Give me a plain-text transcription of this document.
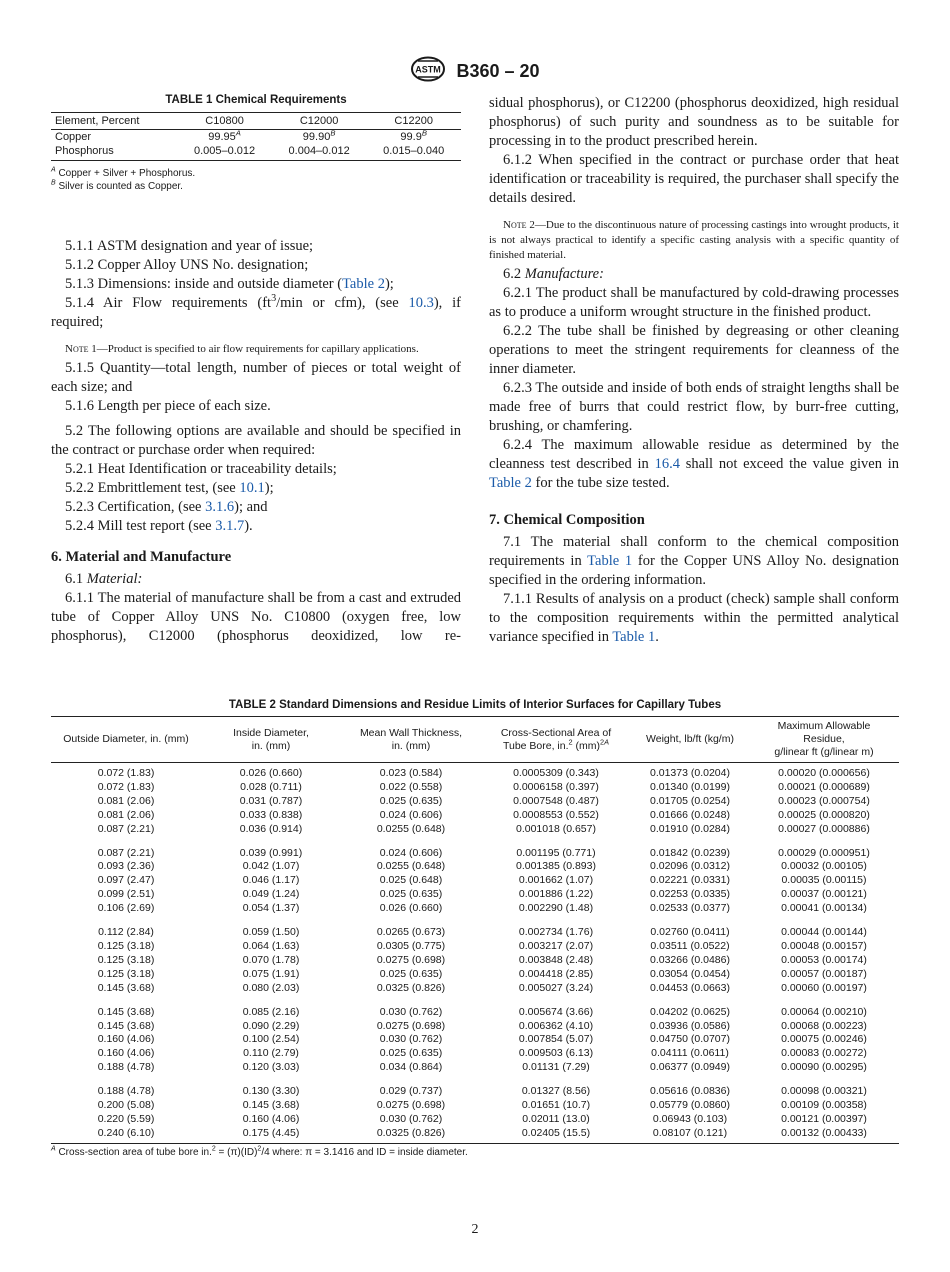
ASTM B360 – 20

TABLE 1 Chemical Requirements

Element, Percent	C10800	C12000	C12200
Copper	$99.95^A$	$99.90^B$	$99.9^B$
Phosphorus	0.005–0.012	0.004–0.012	0.015–0.040

$^A$ Copper + Silver + Phosphorus.

$^B$ Silver is counted as Copper.

5.1.1 ASTM designation and year of issue;

5.1.2 Copper Alloy UNS No. designation;

5.1.3 Dimensions: inside and outside diameter (Table 2);

5.1.4 Air Flow requirements ($ft^3/\min$ or cfm), (see 10.3), if required;

Note 1—Product is specified to air flow requirements for capillary applications.

5.1.5 Quantity—total length, number of pieces or total weight of each size; and

5.1.6 Length per piece of each size.

5.2 The following options are available and should be specified in the contract or purchase order when required:

5.2.1 Heat Identification or traceability details;

5.2.2 Embrittlement test, (see 10.1);

5.2.3 Certification, (see 3.1.6); and

5.2.4 Mill test report (see 3.1.7).

6. Material and Manufacture

6.1 Material:

6.1.1 The material of manufacture shall be from a cast and extruded tube of Copper Alloy UNS No. C10800 (oxygen free, low phosphorus), C12000 (phosphorus deoxidized, low re-

sidual phosphorus), or C12200 (phosphorus deoxidized, high residual phosphorus) of such purity and soundness as to be suitable for processing in to the product prescribed herein.

6.1.2 When specified in the contract or purchase order that heat identification or traceability is required, the purchaser shall specify the details desired.

Note 2—Due to the discontinuous nature of processing castings into wrought products, it is not always practical to identify a specific casting analysis with a specific quantity of finished material.

6.2 Manufacture:

6.2.1 The product shall be manufactured by cold-drawing processes as to produce a uniform wrought structure in the finished product.

6.2.2 The tube shall be finished by degreasing or other cleaning operations to meet the stringent requirements for cleanness of the inner diameter.

6.2.3 The outside and inside of both ends of straight lengths shall be made free of burrs that could restrict flow, by burr-free cutting, brushing, or chamfering.

6.2.4 The maximum allowable residue as determined by the cleanness test described in 16.4 shall not exceed the value given in Table 2 for the tube size tested.

7. Chemical Composition

7.1 The material shall conform to the chemical composition requirements in Table 1 for the Copper UNS Alloy No. designation specified in the ordering information.

7.1.1 Results of analysis on a product (check) sample shall conform to the composition requirements within the permitted analytical variance specified in Table 1.

TABLE 2 Standard Dimensions and Residue Limits of Interior Surfaces for Capillary Tubes

Outside Diameter, in. (mm)	Inside Diameter,
in. (mm)	Mean Wall Thickness,
in. (mm)	Cross-Sectional Area of
Tube Bore, in.$^2$ (mm)$^{2A}$	Weight, lb/ft (kg/m)	Maximum Allowable
Residue,
g/linear ft (g/linear m)
0.072 (1.83)	0.026 (0.660)	0.023 (0.584)	0.0005309 (0.343)	0.01373 (0.0204)	0.00020 (0.000656)
0.072 (1.83)	0.028 (0.711)	0.022 (0.558)	0.0006158 (0.397)	0.01340 (0.0199)	0.00021 (0.000689)
0.081 (2.06)	0.031 (0.787)	0.025 (0.635)	0.0007548 (0.487)	0.01705 (0.0254)	0.00023 (0.000754)
0.081 (2.06)	0.033 (0.838)	0.024 (0.606)	0.0008553 (0.552)	0.01666 (0.0248)	0.00025 (0.000820)
0.087 (2.21)	0.036 (0.914)	0.0255 (0.648)	0.001018 (0.657)	0.01910 (0.0284)	0.00027 (0.000886)
0.087 (2.21)	0.039 (0.991)	0.024 (0.606)	0.001195 (0.771)	0.01842 (0.0239)	0.00029 (0.000951)
0.093 (2.36)	0.042 (1.07)	0.0255 (0.648)	0.001385 (0.893)	0.02096 (0.0312)	0.00032 (0.00105)
0.097 (2.47)	0.046 (1.17)	0.025 (0.648)	0.001662 (1.07)	0.02221 (0.0331)	0.00035 (0.00115)
0.099 (2.51)	0.049 (1.24)	0.025 (0.635)	0.001886 (1.22)	0.02253 (0.0335)	0.00037 (0.00121)
0.106 (2.69)	0.054 (1.37)	0.026 (0.660)	0.002290 (1.48)	0.02533 (0.0377)	0.00041 (0.00134)
0.112 (2.84)	0.059 (1.50)	0.0265 (0.673)	0.002734 (1.76)	0.02760 (0.0411)	0.00044 (0.00144)
0.125 (3.18)	0.064 (1.63)	0.0305 (0.775)	0.003217 (2.07)	0.03511 (0.0522)	0.00048 (0.00157)
0.125 (3.18)	0.070 (1.78)	0.0275 (0.698)	0.003848 (2.48)	0.03266 (0.0486)	0.00053 (0.00174)
0.125 (3.18)	0.075 (1.91)	0.025 (0.635)	0.004418 (2.85)	0.03054 (0.0454)	0.00057 (0.00187)
0.145 (3.68)	0.080 (2.03)	0.0325 (0.826)	0.005027 (3.24)	0.04453 (0.0663)	0.00060 (0.00197)
0.145 (3.68)	0.085 (2.16)	0.030 (0.762)	0.005674 (3.66)	0.04202 (0.0625)	0.00064 (0.00210)
0.145 (3.68)	0.090 (2.29)	0.0275 (0.698)	0.006362 (4.10)	0.03936 (0.0586)	0.00068 (0.00223)
0.160 (4.06)	0.100 (2.54)	0.030 (0.762)	0.007854 (5.07)	0.04750 (0.0707)	0.00075 (0.00246)
0.160 (4.06)	0.110 (2.79)	0.025 (0.635)	0.009503 (6.13)	0.04111 (0.0611)	0.00083 (0.00272)
0.188 (4.78)	0.120 (3.03)	0.034 (0.864)	0.01131 (7.29)	0.06377 (0.0949)	0.00090 (0.00295)
0.188 (4.78)	0.130 (3.30)	0.029 (0.737)	0.01327 (8.56)	0.05616 (0.0836)	0.00098 (0.00321)
0.200 (5.08)	0.145 (3.68)	0.0275 (0.698)	0.01651 (10.7)	0.05779 (0.0860)	0.00109 (0.00358)
0.220 (5.59)	0.160 (4.06)	0.030 (0.762)	0.02011 (13.0)	0.06943 (0.103)	0.00121 (0.00397)
0.240 (6.10)	0.175 (4.45)	0.0325 (0.826)	0.02405 (15.5)	0.08107 (0.121)	0.00132 (0.00433)

$^A$ Cross-section area of tube bore in.$^2$ = (π)(ID)$^2$/4 where: π = 3.1416 and ID = inside diameter.

2
